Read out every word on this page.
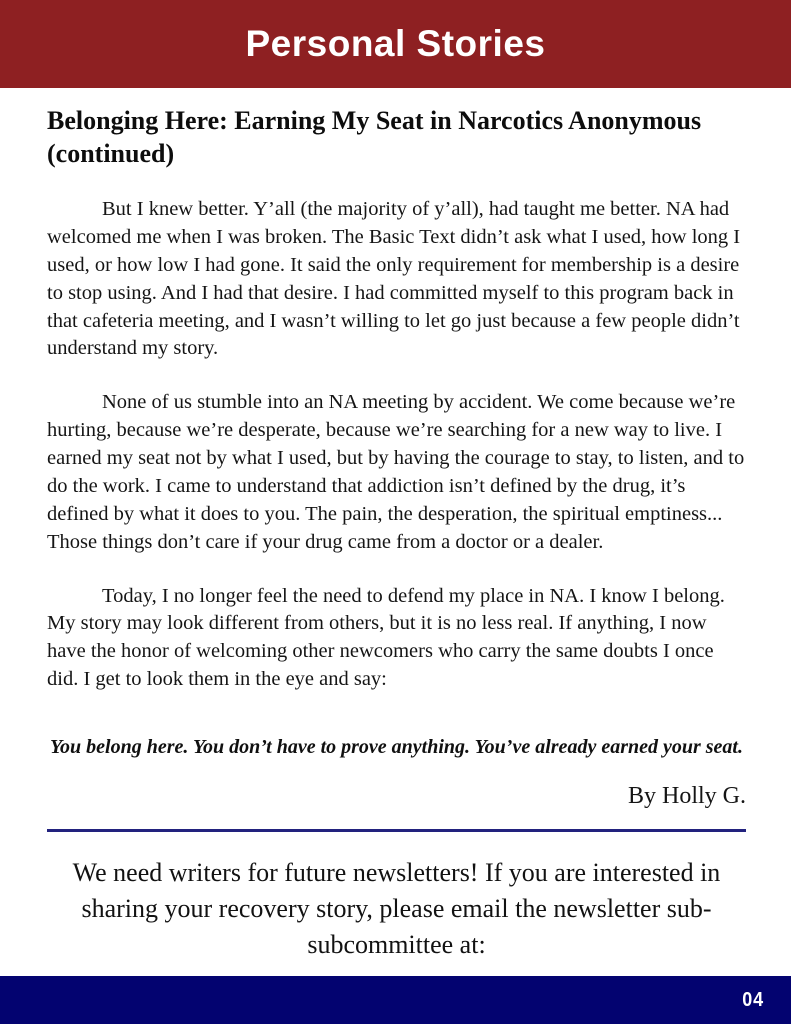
Personal Stories
Belonging Here: Earning My Seat in Narcotics Anonymous (continued)

But I knew better. Y’all (the majority of y’all), had taught me better. NA had welcomed me when I was broken. The Basic Text didn’t ask what I used, how long I used, or how low I had gone. It said the only requirement for membership is a desire to stop using. And I had that desire. I had committed myself to this program back in that cafeteria meeting, and I wasn’t willing to let go just because a few people didn’t understand my story.

None of us stumble into an NA meeting by accident. We come because we’re hurting, because we’re desperate, because we’re searching for a new way to live. I earned my seat not by what I used, but by having the courage to stay, to listen, and to do the work. I came to understand that addiction isn’t defined by the drug, it’s defined by what it does to you. The pain, the desperation, the spiritual emptiness... Those things don’t care if your drug came from a doctor or a dealer.

Today, I no longer feel the need to defend my place in NA. I know I belong. My story may look different from others, but it is no less real. If anything, I now have the honor of welcoming other newcomers who carry the same doubts I once did. I get to look them in the eye and say:

You belong here. You don’t have to prove anything. You’ve already earned your seat.

By Holly G.

We need writers for future newsletters! If you are interested in sharing your recovery story, please email the newsletter sub-subcommittee at:

04
